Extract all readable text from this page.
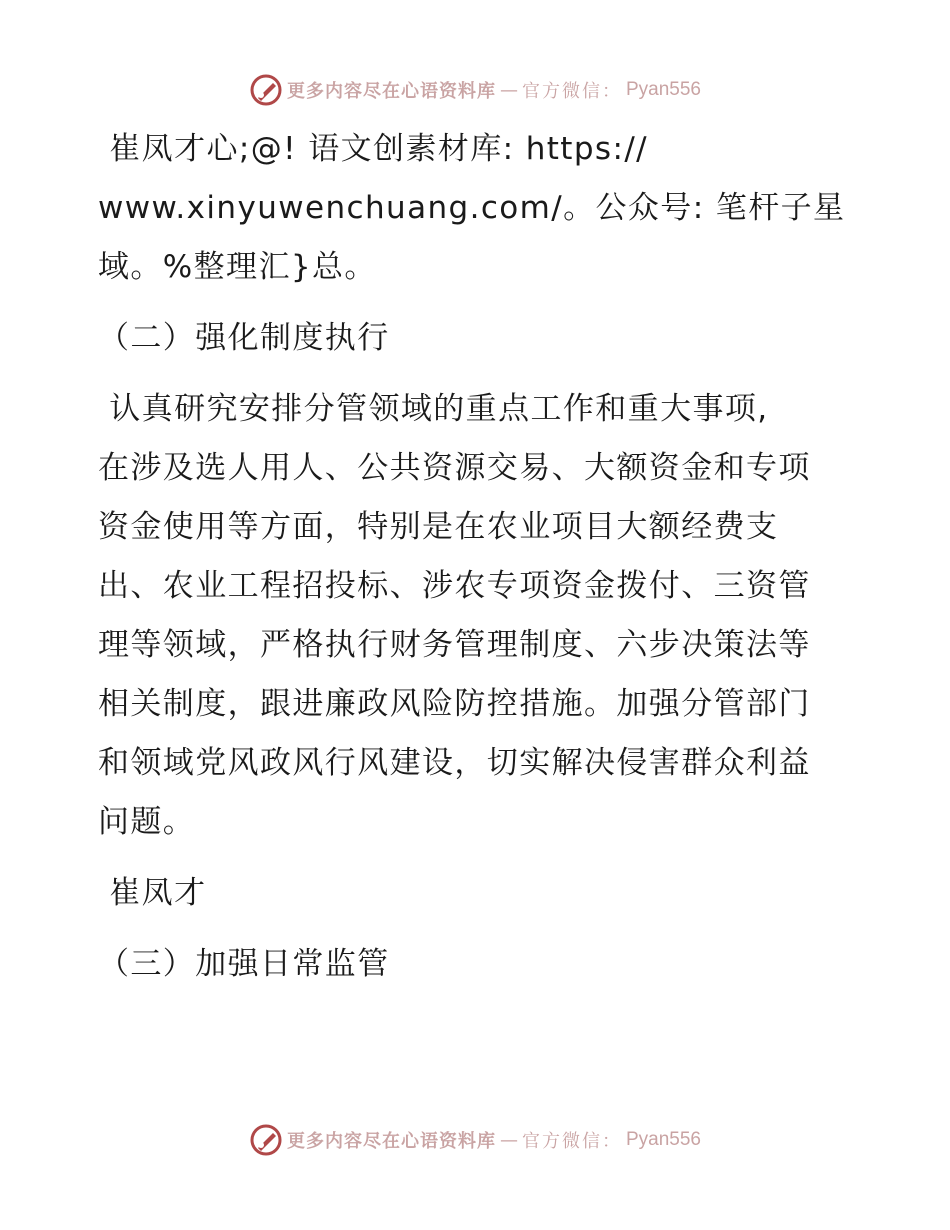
更多内容尽在心语资料库 — 官方微信： Pyan556

崔凤才心;@! 语文创素材库: https://
www.xinyuwenchuang.com/。公众号: 笔杆子星
域。%整理汇}总。

（二）强化制度执行

认真研究安排分管领域的重点工作和重大事项,
在涉及选人用人、公共资源交易、大额资金和专项
资金使用等方面，特别是在农业项目大额经费支
出、农业工程招投标、涉农专项资金拨付、三资管
理等领域，严格执行财务管理制度、六步决策法等
相关制度，跟进廉政风险防控措施。加强分管部门
和领域党风政风行风建设，切实解决侵害群众利益
问题。

崔凤才

（三）加强日常监管

更多内容尽在心语资料库 — 官方微信： Pyan556
